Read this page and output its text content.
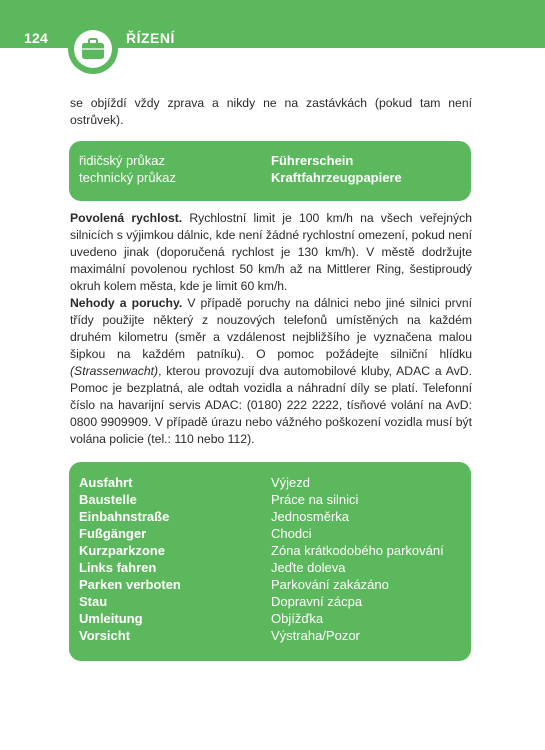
124	ŘÍZENÍ
se objíždí vždy zprava a nikdy ne na zastávkách (pokud tam není ostrůvek).
řidičský průkaz	Führerschein
technický průkaz	Kraftfahrzeugpapiere

Povolená rychlost. Rychlostní limit je 100 km/h na všech veřejných silnicích s výjimkou dálnic, kde není žádné rychlostní omezení, pokud není uvedeno jinak (doporučená rychlost je 130 km/h). V městě dodržujte maximální povolenou rychlost 50 km/h až na Mittlerer Ring, šestiproudý okruh kolem města, kde je limit 60 km/h.

Nehody a poruchy. V případě poruchy na dálnici nebo jiné silnici první třídy použijte některý z nouzových telefonů umístěných na každém druhém kilometru (směr a vzdálenost nejbližšího je vyznačena malou šipkou na každém patníku). O pomoc požádejte silniční hlídku (Strassenwacht), kterou provozují dva automobilové kluby, ADAC a AvD. Pomoc je bezplatná, ale odtah vozidla a náhradní díly se platí. Telefonní číslo na havarijní servis ADAC: (0180) 222 2222, tísňové volání na AvD: 0800 9909909. V případě úrazu nebo vážného poškození vozidla musí být volána policie (tel.: 110 nebo 112).

Ausfahrt	Výjezd
Baustelle	Práce na silnici
Einbahnstraße	Jednosměrka
Fußgänger	Chodci
Kurzparkzone	Zóna krátkodobého parkování
Links fahren	Jeďte doleva
Parken verboten	Parkování zakázáno
Stau	Dopravní zácpa
Umleitung	Objížďka
Vorsicht	Výstraha/Pozor
